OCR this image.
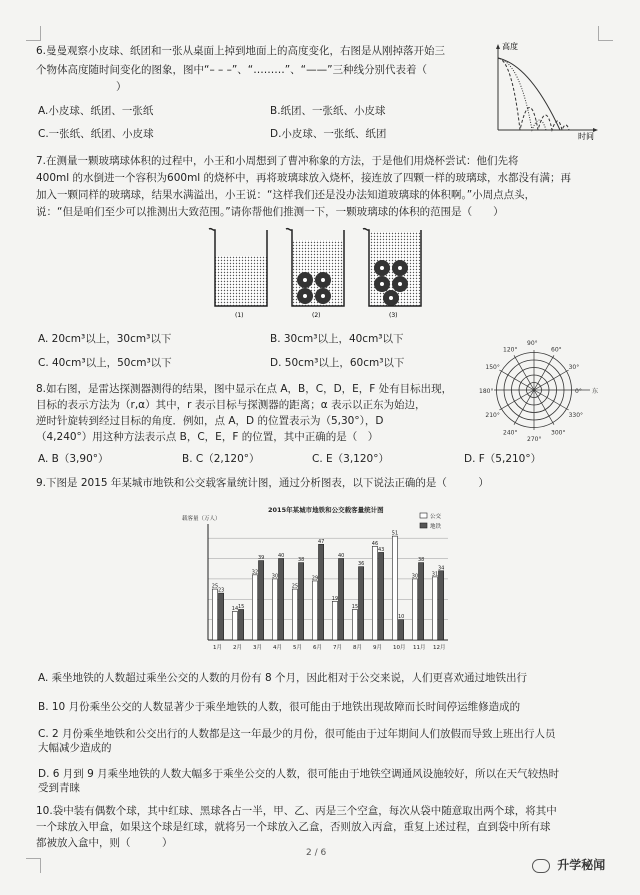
6.曼曼观察小皮球、纸团和一张从桌面上掉到地面上的高度变化，右图是从刚掉落开始三
个物体高度随时间变化的图象，图中“– – –”、“………”、“——”三种线分别代表着（
）
A.小皮球、纸团、一张纸	B.纸团、一张纸、小皮球
C.一张纸、纸团、小皮球	D.小皮球、一张纸、纸团
高度
时间
7.在测量一颗玻璃球体积的过程中，小王和小周想到了曹冲称象的方法，于是他们用烧杯尝试：他们先将
400ml 的水倒进一个容积为600ml 的烧杯中，再将玻璃球放入烧杯，接连放了四颗一样的玻璃球，水都没有满；再
加入一颗同样的玻璃球，结果水满溢出，小王说：“这样我们还是没办法知道玻璃球的体积啊。”小周点点头，
说：“但是咱们至少可以推测出大致范围。”请你帮他们推测一下，一颗玻璃球的体积的范围是（　　）
(1)	(2)	(3)
A. 20cm³以上，30cm³以下	B. 30cm³以上，40cm³以下
C. 40cm³以上，50cm³以下	D. 50cm³以上，60cm³以下
8.如右图，是雷达探测器测得的结果，图中显示在点 A，B，C，D，E，F 处有目标出现，
目标的表示方法为（r,α）其中，r 表示目标与探测器的距离；α 表示以正东为始边，
逆时针旋转到经过目标的角度．例如，点 A，D 的位置表示为（5,30°），D
（4,240°）用这种方法表示点 B，C，E，F 的位置，其中正确的是（　）
90°
120°	60°
150°	30°
180°	0°
210°	330°
240°	300°
270°
东
A. B（3,90°）	B. C（2,120°）	C. E（3,120°）	D. F（5,210°）
9.下图是 2015 年某城市地铁和公交载客量统计图，通过分析图表，以下说法正确的是（　　　）
2015年某城市地铁和公交载客量统计图
载客量（万人）	公交
地铁
25
23
1月
14 15
2月
32
39
3月
30
40
4月
25
38
5月
29
47
6月
19
40
7月
15
36
8月
46
43
9月
51
10
10月
30
38
11月
31
34
12月
A. 乘坐地铁的人数超过乘坐公交的人数的月份有 8 个月，因此相对于公交来说，人们更喜欢通过地铁出行
B. 10 月份乘坐公交的人数显著少于乘坐地铁的人数，很可能由于地铁出现故障而长时间停运维修造成的
C. 2 月份乘坐地铁和公交出行的人数都是这一年最少的月份，很可能由于过年期间人们放假而导致上班出行人员
大幅减少造成的
D. 6 月到 9 月乘坐地铁的人数大幅多于乘坐公交的人数，很可能由于地铁空调通风设施较好，所以在天气较热时
受到青睐
10.袋中装有偶数个球，其中红球、黑球各占一半，甲、乙、丙是三个空盒，每次从袋中随意取出两个球，将其中
一个球放入甲盒，如果这个球是红球，就将另一个球放入乙盒，否则放入丙盒，重复上述过程，直到袋中所有球
都被放入盒中，则（　　　）
2 / 6
升学秘闻
